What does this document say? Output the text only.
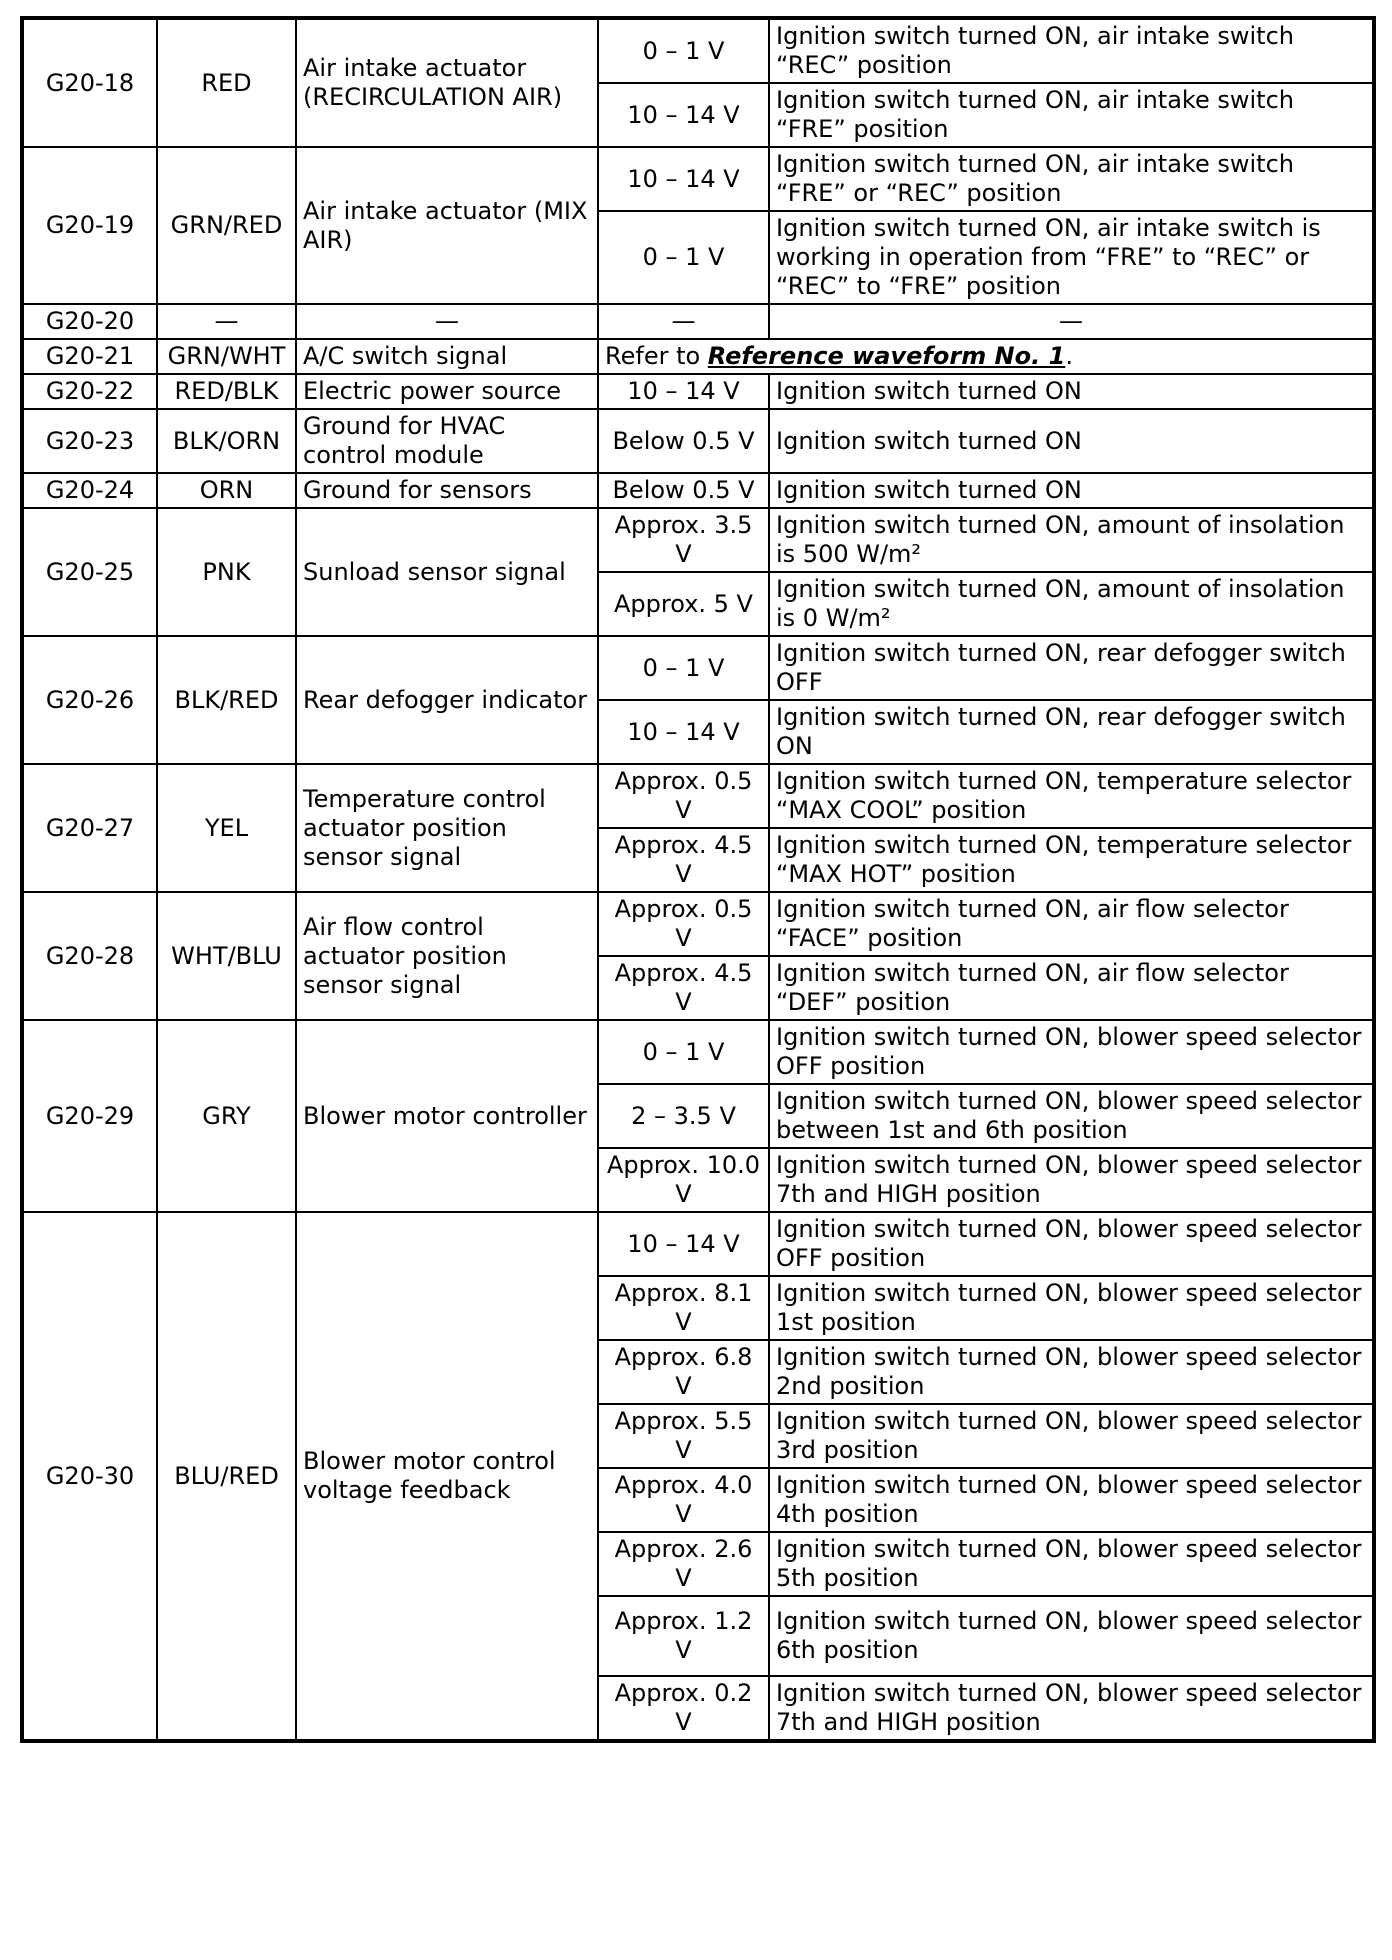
G20-18	RED	Air intake actuator (RECIRCULATION AIR)	0 – 1 V	Ignition switch turned ON, air intake switch “REC” position
			10 – 14 V	Ignition switch turned ON, air intake switch “FRE” position
G20-19	GRN/RED	Air intake actuator (MIX AIR)	10 – 14 V	Ignition switch turned ON, air intake switch “FRE” or “REC” position
			0 – 1 V	Ignition switch turned ON, air intake switch is working in operation from “FRE” to “REC” or “REC” to “FRE” position
G20-20	—	—	—	—
G20-21	GRN/WHT	A/C switch signal	Refer to Reference waveform No. 1.	
G20-22	RED/BLK	Electric power source	10 – 14 V	Ignition switch turned ON
G20-23	BLK/ORN	Ground for HVAC control module	Below 0.5 V	Ignition switch turned ON
G20-24	ORN	Ground for sensors	Below 0.5 V	Ignition switch turned ON
G20-25	PNK	Sunload sensor signal	Approx. 3.5 V	Ignition switch turned ON, amount of insolation is 500 W/m²
			Approx. 5 V	Ignition switch turned ON, amount of insolation is 0 W/m²
G20-26	BLK/RED	Rear defogger indicator	0 – 1 V	Ignition switch turned ON, rear defogger switch OFF
			10 – 14 V	Ignition switch turned ON, rear defogger switch ON
G20-27	YEL	Temperature control actuator position sensor signal	Approx. 0.5 V	Ignition switch turned ON, temperature selector “MAX COOL” position
			Approx. 4.5 V	Ignition switch turned ON, temperature selector “MAX HOT” position
G20-28	WHT/BLU	Air flow control actuator position sensor signal	Approx. 0.5 V	Ignition switch turned ON, air flow selector “FACE” position
			Approx. 4.5 V	Ignition switch turned ON, air flow selector “DEF” position
G20-29	GRY	Blower motor controller	0 – 1 V	Ignition switch turned ON, blower speed selector OFF position
			2 – 3.5 V	Ignition switch turned ON, blower speed selector between 1st and 6th position
			Approx. 10.0 V	Ignition switch turned ON, blower speed selector 7th and HIGH position
G20-30	BLU/RED	Blower motor control voltage feedback	10 – 14 V	Ignition switch turned ON, blower speed selector OFF position
			Approx. 8.1 V	Ignition switch turned ON, blower speed selector 1st position
			Approx. 6.8 V	Ignition switch turned ON, blower speed selector 2nd position
			Approx. 5.5 V	Ignition switch turned ON, blower speed selector 3rd position
			Approx. 4.0 V	Ignition switch turned ON, blower speed selector 4th position
			Approx. 2.6 V	Ignition switch turned ON, blower speed selector 5th position
			Approx. 1.2 V	Ignition switch turned ON, blower speed selector 6th position
			Approx. 0.2 V	Ignition switch turned ON, blower speed selector 7th and HIGH position
